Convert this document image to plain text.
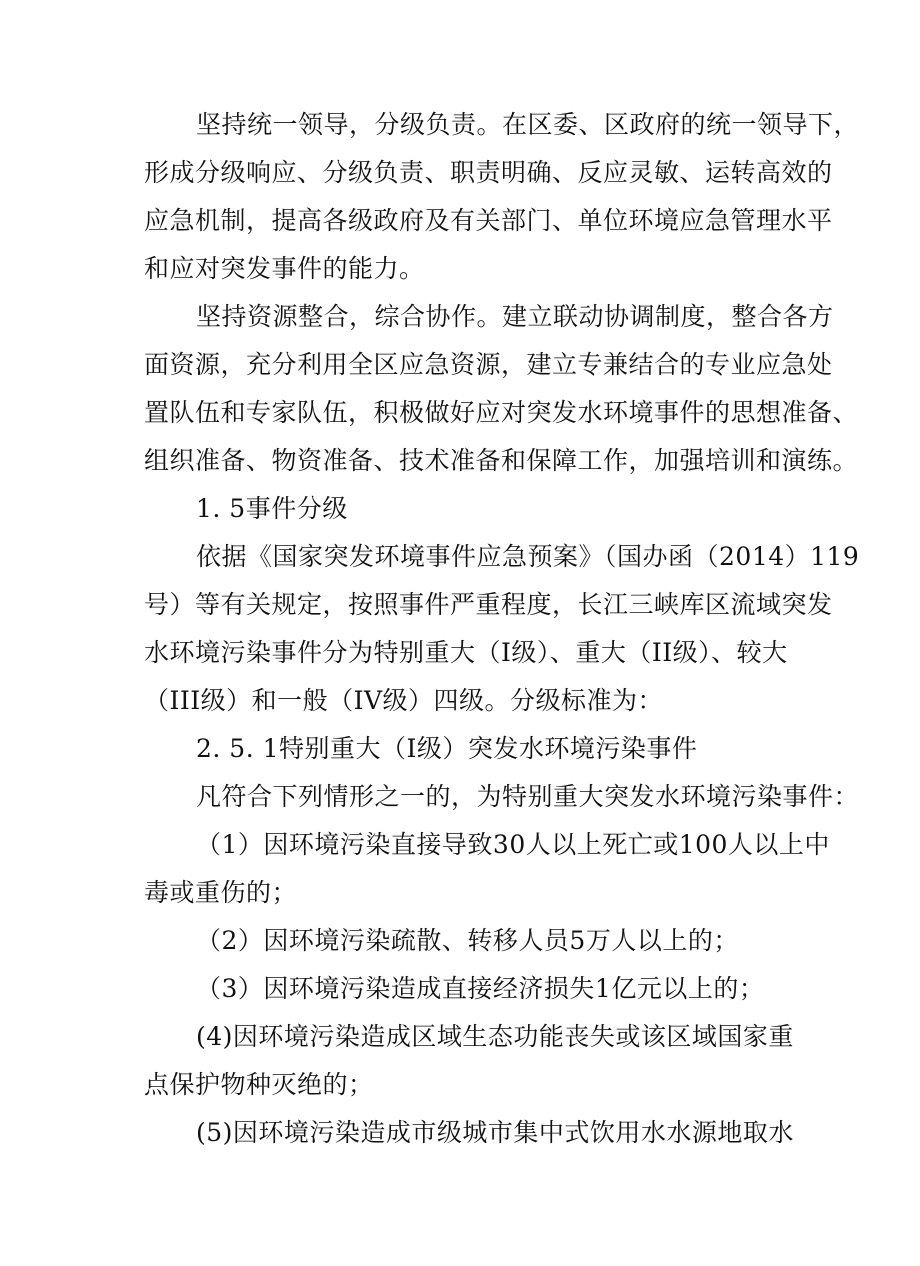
坚持统一领导，分级负责。在区委、区政府的统一领导下，
形成分级响应、分级负责、职责明确、反应灵敏、运转高效的
应急机制，提高各级政府及有关部门、单位环境应急管理水平
和应对突发事件的能力。
坚持资源整合，综合协作。建立联动协调制度，整合各方
面资源，充分利用全区应急资源，建立专兼结合的专业应急处
置队伍和专家队伍，积极做好应对突发水环境事件的思想准备、
组织准备、物资准备、技术准备和保障工作，加强培训和演练。
1. 5事件分级
依据《国家突发环境事件应急预案》（国办函（2014）119
号）等有关规定，按照事件严重程度，长江三峡库区流域突发
水环境污染事件分为特别重大（I级）、重大（II级）、较大
（III级）和一般（IV级）四级。分级标准为：
2. 5. 1特别重大（I级）突发水环境污染事件
凡符合下列情形之一的，为特别重大突发水环境污染事件：
（1）因环境污染直接导致30人以上死亡或100人以上中
毒或重伤的；
（2）因环境污染疏散、转移人员5万人以上的；
（3）因环境污染造成直接经济损失1亿元以上的；
(4)因环境污染造成区域生态功能丧失或该区域国家重
点保护物种灭绝的；
(5)因环境污染造成市级城市集中式饮用水水源地取水
